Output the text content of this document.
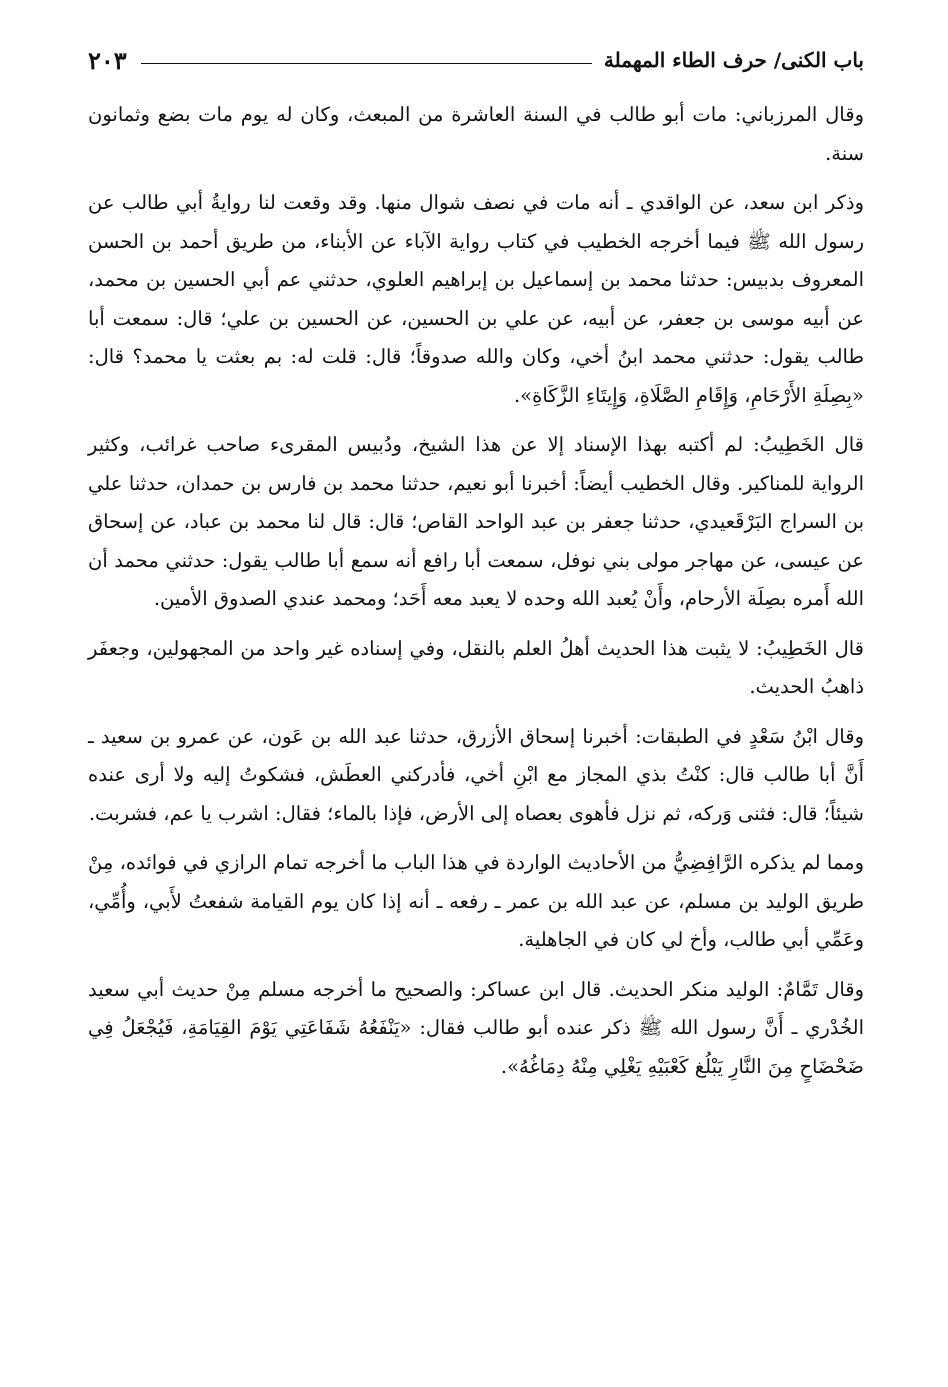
باب الكنى/ حرف الطاء المهملة
٢٠٣

وقال المرزباني: مات أبو طالب في السنة العاشرة من المبعث، وكان له يوم مات بضع وثمانون سنة.

وذكر ابن سعد، عن الواقدي ـ أنه مات في نصف شوال منها. وقد وقعت لنا روايةُ أبي طالب عن رسول الله ﷺ فيما أخرجه الخطيب في كتاب رواية الآباء عن الأبناء، من طريق أحمد بن الحسن المعروف بدبيس: حدثنا محمد بن إسماعيل بن إبراهيم العلوي، حدثني عم أبي الحسين بن محمد، عن أبيه موسى بن جعفر، عن أبيه، عن علي بن الحسين، عن الحسين بن علي؛ قال: سمعت أبا طالب يقول: حدثني محمد ابنُ أخي، وكان والله صدوقاً؛ قال: قلت له: بم بعثت يا محمد؟ قال: «بِصِلَةِ الأَرْحَامِ، وَإِقَامِ الصَّلَاةِ، وَإِيتَاءِ الزَّكَاةِ».

قال الخَطِيبُ: لم أكتبه بهذا الإسناد إلا عن هذا الشيخ، ودُبيس المقرىء صاحب غرائب، وكثير الرواية للمناكير. وقال الخطيب أيضاً: أخبرنا أبو نعيم، حدثنا محمد بن فارس بن حمدان، حدثنا علي بن السراج البَرْقَعيدي، حدثنا جعفر بن عبد الواحد القاص؛ قال: قال لنا محمد بن عباد، عن إسحاق عن عيسى، عن مهاجر مولى بني نوفل، سمعت أبا رافع أنه سمع أبا طالب يقول: حدثني محمد أن الله أَمره بصِلَة الأرحام، وأَنْ يُعبد الله وحده لا يعبد معه أَحَد؛ ومحمد عندي الصدوق الأمين.

قال الخَطِيبُ: لا يثبت هذا الحديث أهلُ العلم بالنقل، وفي إسناده غير واحد من المجهولين، وجعفَر ذاهبُ الحديث.

وقال ابْنُ سَعْدٍ في الطبقات: أخبرنا إسحاق الأزرق، حدثنا عبد الله بن عَون، عن عمرو بن سعيد ـ أَنَّ أبا طالب قال: كنْتُ بذي المجاز مع ابْنِ أخي، فأدركني العطَش، فشكوتُ إليه ولا أرى عنده شيئاً؛ قال: فثنى وَركه، ثم نزل فأهوى بعصاه إلى الأرض، فإذا بالماء؛ فقال: اشرب يا عم، فشربت.

ومما لم يذكره الرَّافِضِيُّ من الأحاديث الواردة في هذا الباب ما أخرجه تمام الرازي في فوائده، مِنْ طريق الوليد بن مسلم، عن عبد الله بن عمر ـ رفعه ـ أنه إذا كان يوم القيامة شفعتُ لأَبي، وأُمِّي، وعَمِّي أبي طالب، وأخ لي كان في الجاهلية.

وقال تَمَّامٌ: الوليد منكر الحديث. قال ابن عساكر: والصحيح ما أخرجه مسلم مِنْ حديث أبي سعيد الخُدْري ـ أَنَّ رسول الله ﷺ ذكر عنده أبو طالب فقال: «يَنْفَعُهُ شَفَاعَتِي يَوْمَ القِيَامَةِ، فَيُجْعَلُ فِي ضَحْضَاحٍ مِنَ النَّارِ يَبْلُغ كَعْبَيْهِ يَغْلِي مِنْهُ دِمَاغُهُ».
